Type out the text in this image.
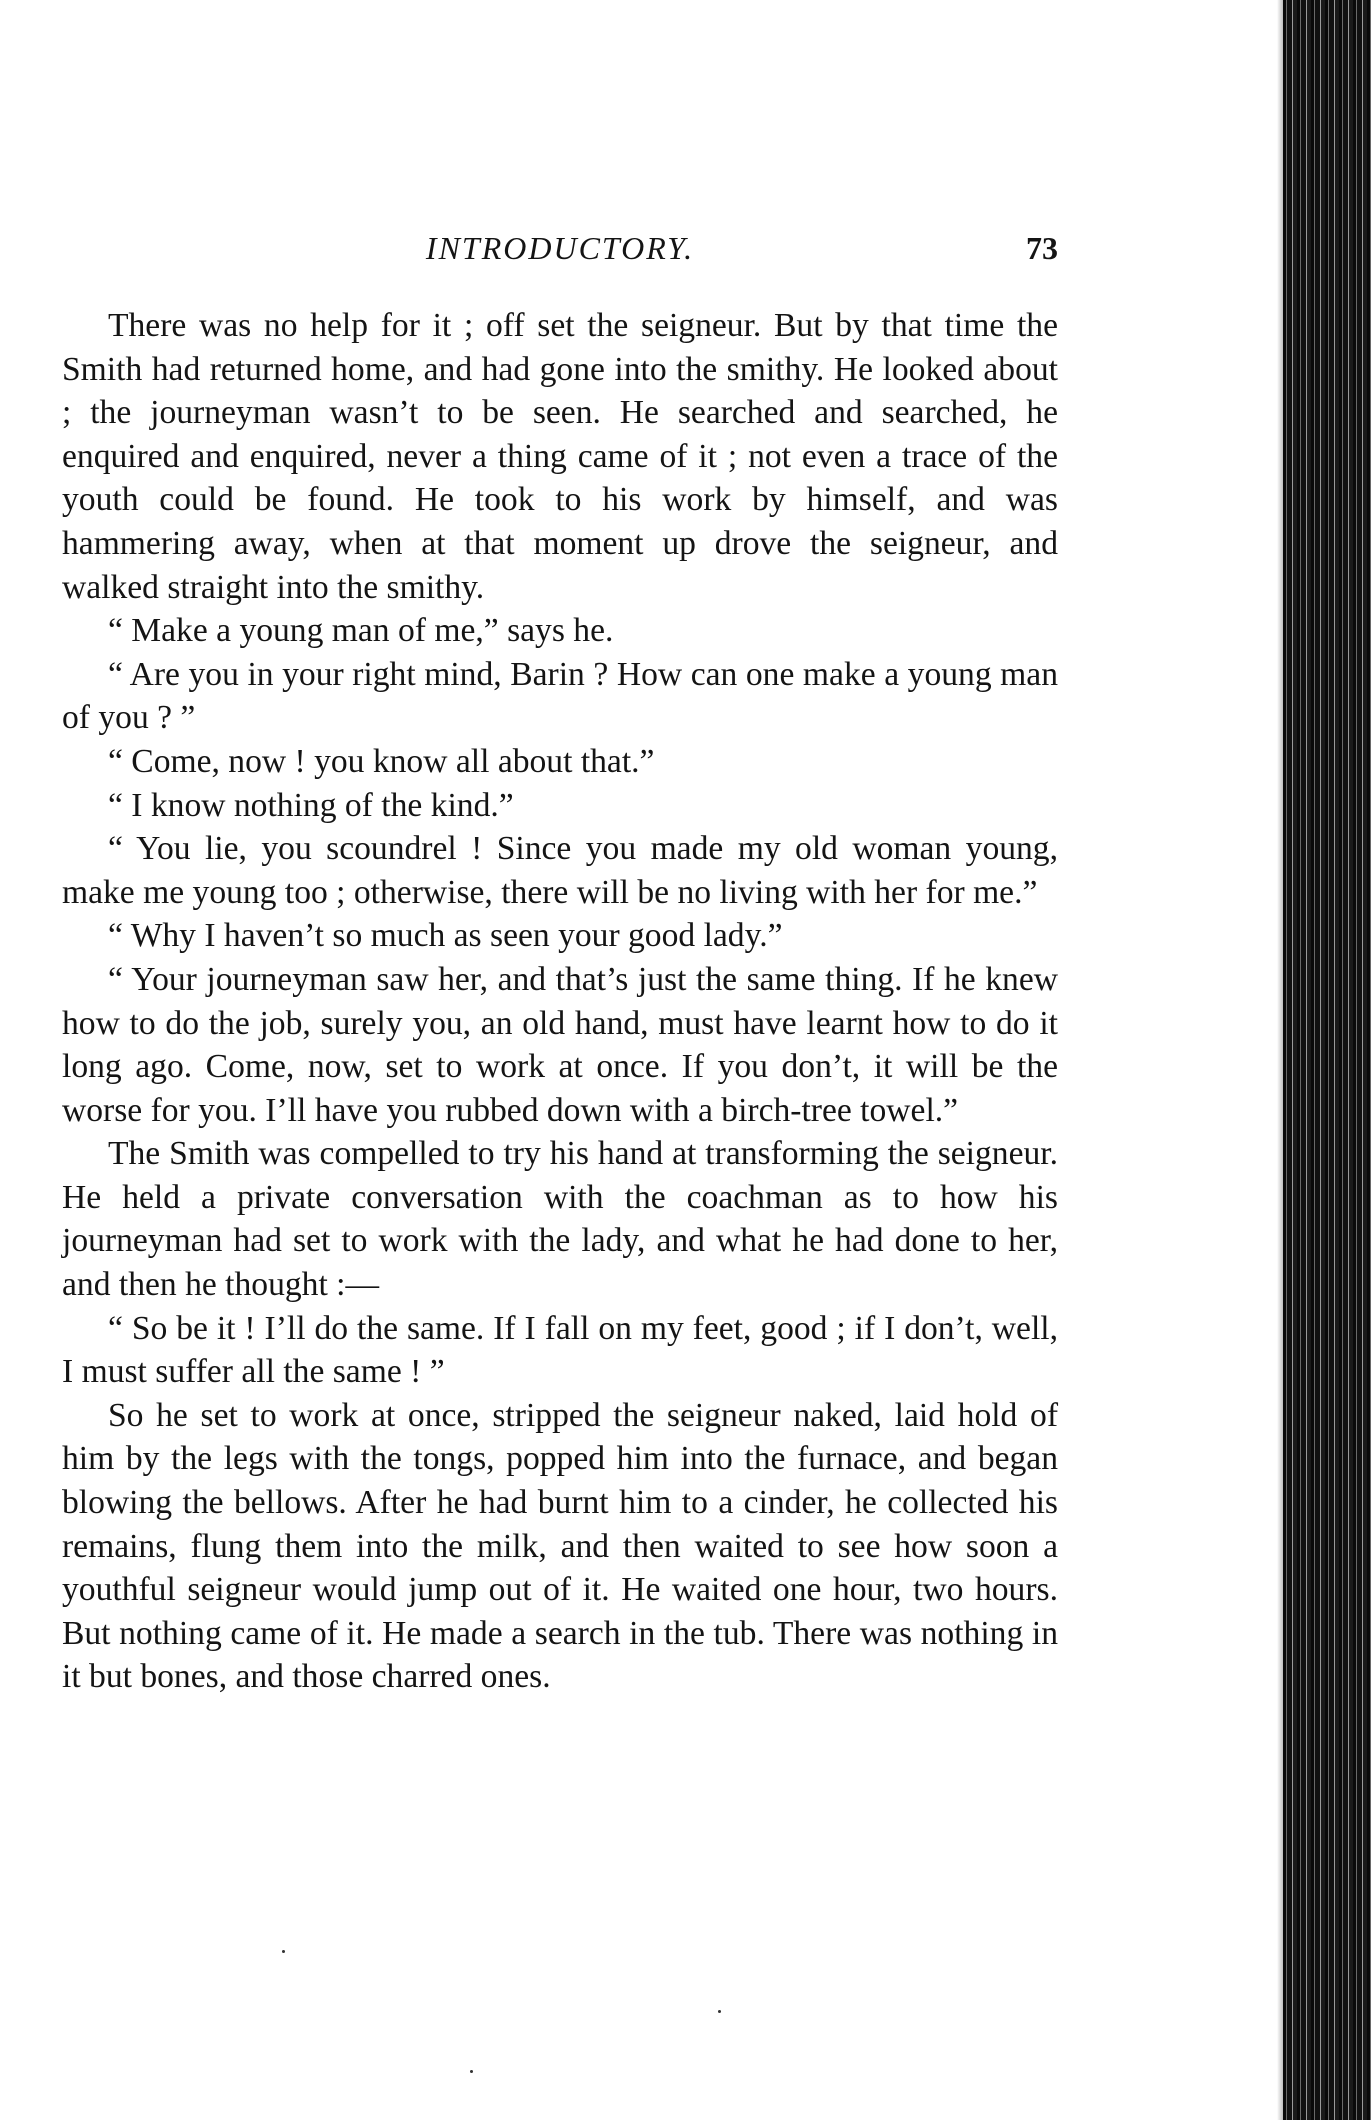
INTRODUCTORY.	73

There was no help for it ; off set the seigneur. But by that time the Smith had returned home, and had gone into the smithy. He looked about ; the journeyman wasn’t to be seen. He searched and searched, he enquired and enquired, never a thing came of it ; not even a trace of the youth could be found. He took to his work by himself, and was hammering away, when at that moment up drove the seigneur, and walked straight into the smithy.

“ Make a young man of me,” says he.

“ Are you in your right mind, Barin ? How can one make a young man of you ? ”

“ Come, now ! you know all about that.”

“ I know nothing of the kind.”

“ You lie, you scoundrel ! Since you made my old woman young, make me young too ; otherwise, there will be no living with her for me.”

“ Why I haven’t so much as seen your good lady.”

“ Your journeyman saw her, and that’s just the same thing. If he knew how to do the job, surely you, an old hand, must have learnt how to do it long ago. Come, now, set to work at once. If you don’t, it will be the worse for you. I’ll have you rubbed down with a birch-tree towel.”

The Smith was compelled to try his hand at transforming the seigneur. He held a private conversation with the coachman as to how his journeyman had set to work with the lady, and what he had done to her, and then he thought :—

“ So be it ! I’ll do the same. If I fall on my feet, good ; if I don’t, well, I must suffer all the same ! ”

So he set to work at once, stripped the seigneur naked, laid hold of him by the legs with the tongs, popped him into the furnace, and began blowing the bellows. After he had burnt him to a cinder, he collected his remains, flung them into the milk, and then waited to see how soon a youthful seigneur would jump out of it. He waited one hour, two hours. But nothing came of it. He made a search in the tub. There was nothing in it but bones, and those charred ones.
